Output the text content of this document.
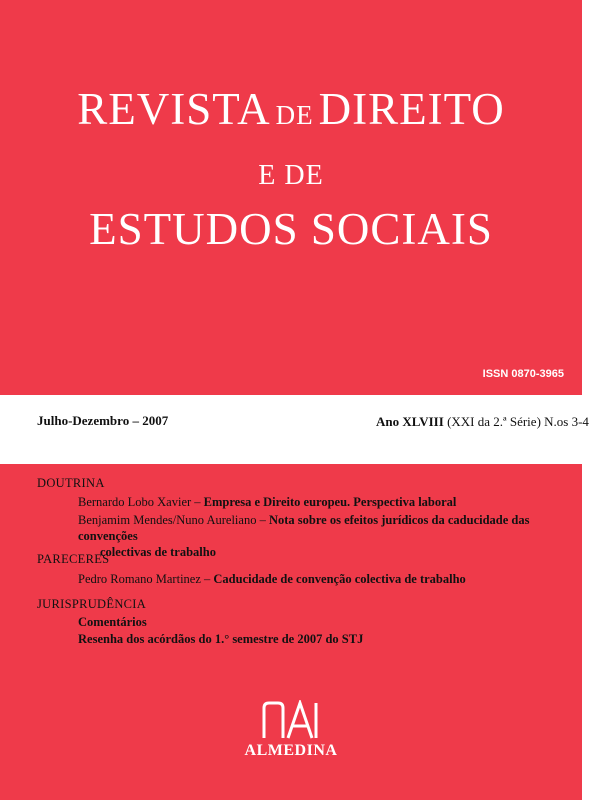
REVISTA DE DIREITO
E DE
ESTUDOS SOCIAIS
ISSN 0870-3965
Julho-Dezembro – 2007	Ano XLVIII (XXI da 2.ª Série) N.os 3-4
DOUTRINA
Bernardo Lobo Xavier – Empresa e Direito europeu. Perspectiva laboral
Benjamim Mendes/Nuno Aureliano – Nota sobre os efeitos jurídicos da caducidade das convenções
colectivas de trabalho
PARECERES
Pedro Romano Martinez – Caducidade de convenção colectiva de trabalho
JURISPRUDÊNCIA
Comentários
Resenha dos acórdãos do 1.° semestre de 2007 do STJ
ALMEDINA
